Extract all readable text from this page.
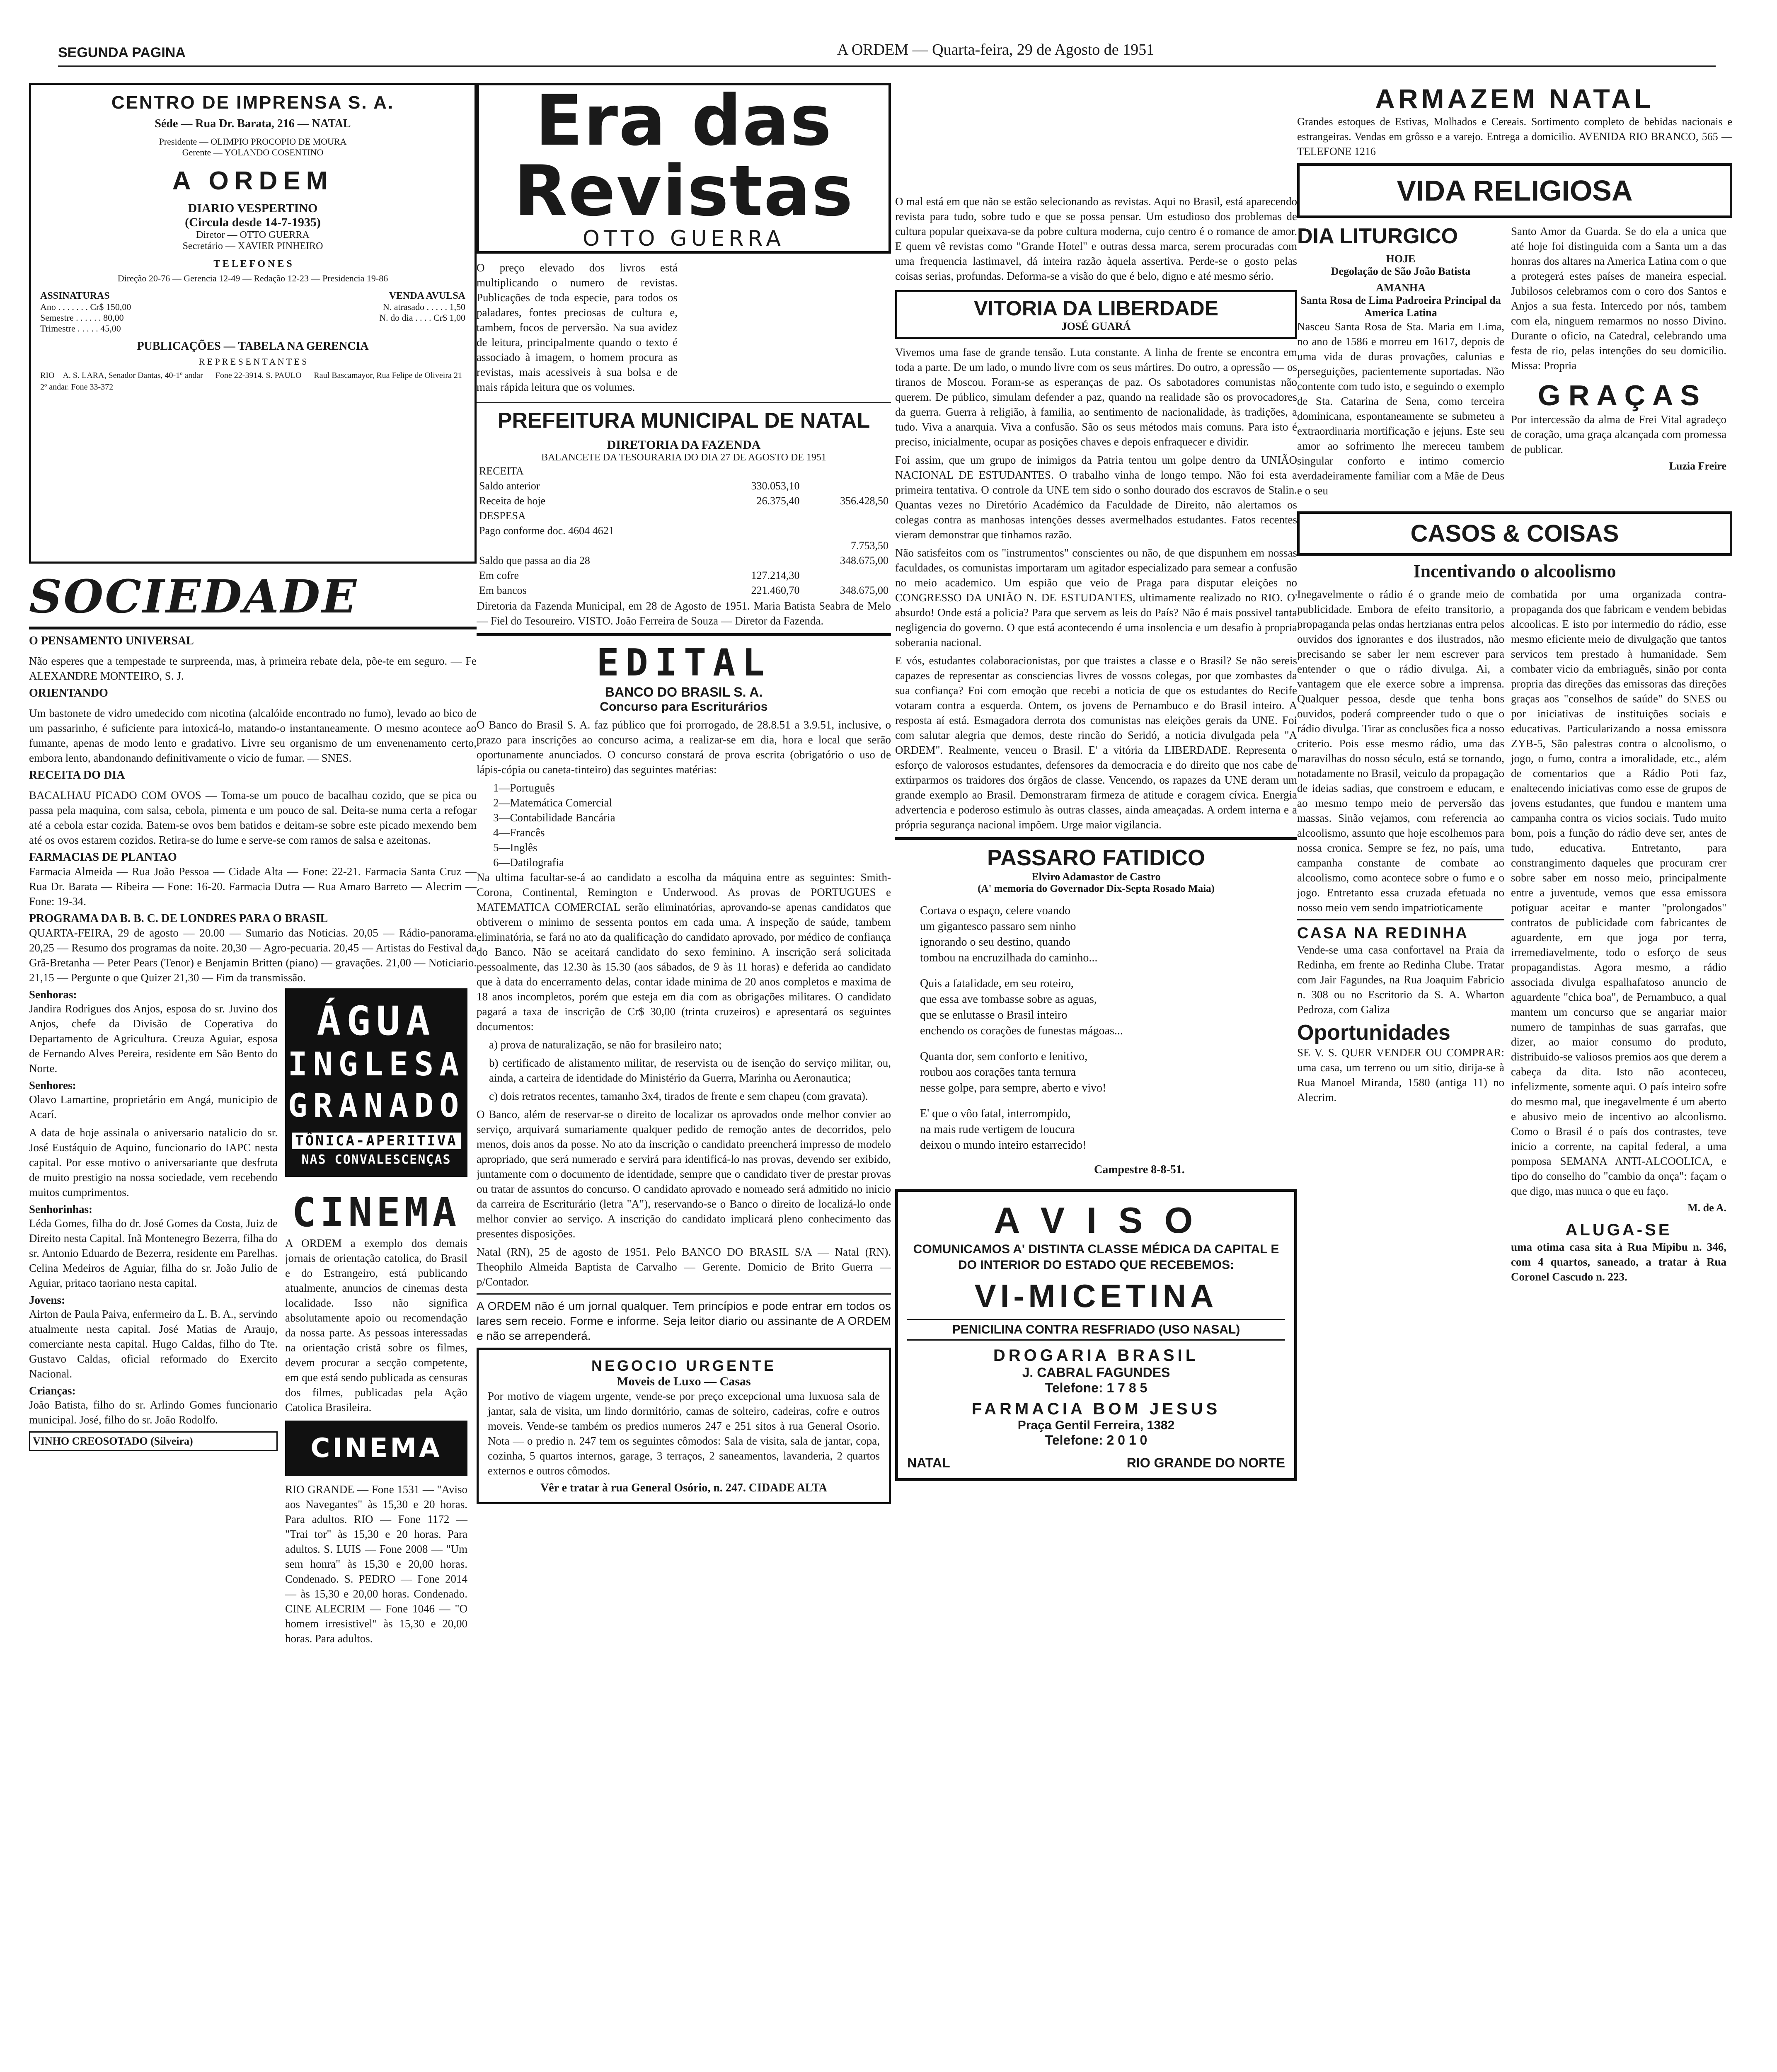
SEGUNDA PAGINA	A ORDEM — Quarta-feira, 29 de Agosto de 1951
CENTRO DE IMPRENSA S. A.
Séde — Rua Dr. Barata, 216 — NATAL
Presidente — OLIMPIO PROCOPIO DE MOURA
Gerente — YOLANDO COSENTINO
A ORDEM
DIARIO VESPERTINO
(Circula desde 14-7-1935)
Diretor — OTTO GUERRA
Secretário — XAVIER PINHEIRO
T E L E F O N E S
Direção 20-76 — Gerencia 12-49 — Redação 12-23 — Presidencia 19-86
ASSINATURAS	VENDA AVULSA
Ano . . . . . . . Cr$ 150,00	N. atrasado . . . . . 1,50
Semestre . . . . . . 80,00	N. do dia . . . . Cr$ 1,00
Trimestre . . . . . 45,00
PUBLICAÇÕES — TABELA NA GERENCIA
R E P R E S E N T A N T E S
RIO—A. S. LARA, Senador Dantas, 40-1º andar — Fone 22-3914. S. PAULO — Raul Bascamayor, Rua Felipe de Oliveira 21 2º andar. Fone 33-372
SOCIEDADE
O PENSAMENTO UNIVERSAL

Não esperes que a tempestade te surpreenda, mas, à primeira rebate dela, põe-te em seguro. — Fe ALEXANDRE MONTEIRO, S. J.

ORIENTANDO

Um bastonete de vidro umedecido com nicotina (alcalóide encontrado no fumo), levado ao bico de um passarinho, é suficiente para intoxicá-lo, matando-o instantaneamente. O mesmo acontece ao fumante, apenas de modo lento e gradativo. Livre seu organismo de um envenenamento certo, embora lento, abandonando definitivamente o vicio de fumar. — SNES.

RECEITA DO DIA

BACALHAU PICADO COM OVOS — Toma-se um pouco de bacalhau cozido, que se pica ou passa pela maquina, com salsa, cebola, pimenta e um pouco de sal. Deita-se numa certa a refogar até a cebola estar cozida. Batem-se ovos bem batidos e deitam-se sobre este picado mexendo bem até os ovos estarem cozidos. Retira-se do lume e serve-se com ramos de salsa e azeitonas.

FARMACIAS DE PLANTAO

Farmacia Almeida — Rua João Pessoa — Cidade Alta — Fone: 22-21. Farmacia Santa Cruz — Rua Dr. Barata — Ribeira — Fone: 16-20. Farmacia Dutra — Rua Amaro Barreto — Alecrim — Fone: 19-34.

PROGRAMA DA B. B. C. DE LONDRES PARA O BRASIL

QUARTA-FEIRA, 29 de agosto — 20.00 — Sumario das Noticias. 20,05 — Rádio-panorama. 20,25 — Resumo dos programas da noite. 20,30 — Agro-pecuaria. 20,45 — Artistas do Festival da Grã-Bretanha — Peter Pears (Tenor) e Benjamin Britten (piano) — gravações. 21,00 — Noticiario. 21,15 — Pergunte o que Quizer 21,30 — Fim da transmissão.

Senhoras:

Jandira Rodrigues dos Anjos, esposa do sr. Juvino dos Anjos, chefe da Divisão de Coperativa do Departamento de Agricultura. Creuza Aguiar, esposa de Fernando Alves Pereira, residente em São Bento do Norte.

Senhores:

Olavo Lamartine, proprietário em Angá, municipio de Acarí.

A data de hoje assinala o aniversario natalicio do sr. José Eustáquio de Aquino, funcionario do IAPC nesta capital. Por esse motivo o aniversariante que desfruta de muito prestigio na nossa sociedade, vem recebendo muitos cumprimentos.

Senhorinhas:

Léda Gomes, filha do dr. José Gomes da Costa, Juiz de Direito nesta Capital. Inã Montenegro Bezerra, filha do sr. Antonio Eduardo de Bezerra, residente em Parelhas. Celina Medeiros de Aguiar, filha do sr. João Julio de Aguiar, pritaco taoriano nesta capital.

Jovens:

Airton de Paula Paiva, enfermeiro da L. B. A., servindo atualmente nesta capital. José Matias de Araujo, comerciante nesta capital. Hugo Caldas, filho do Tte. Gustavo Caldas, oficial reformado do Exercito Nacional.

Crianças:

João Batista, filho do sr. Arlindo Gomes funcionario municipal. José, filho do sr. João Rodolfo.

VINHO CREOSOTADO (Silveira)
ÁGUA
INGLESA
GRANADO
TÔNICA-APERITIVA
NAS CONVALESCENÇAS
CINEMA

A ORDEM a exemplo dos demais jornais de orientação catolica, do Brasil e do Estrangeiro, está publicando atualmente, anuncios de cinemas desta localidade. Isso não significa absolutamente apoio ou recomendação da nossa parte. As pessoas interessadas na orientação cristã sobre os filmes, devem procurar a secção competente, em que está sendo publicada as censuras dos filmes, publicadas pela Ação Catolica Brasileira.

CINEMA

RIO GRANDE — Fone 1531 — "Aviso aos Navegantes" às 15,30 e 20 horas. Para adultos. RIO — Fone 1172 — "Trai tor" às 15,30 e 20 horas. Para adultos. S. LUIS — Fone 2008 — "Um sem honra" às 15,30 e 20,00 horas. Condenado. S. PEDRO — Fone 2014 — às 15,30 e 20,00 horas. Condenado. CINE ALECRIM — Fone 1046 — "O homem irresistivel" às 15,30 e 20,00 horas. Para adultos.

Era das Revistas
OTTO GUERRA

O preço elevado dos livros está multiplicando o numero de revistas. Publicações de toda especie, para todos os paladares, fontes preciosas de cultura e, tambem, focos de perversão. Na sua avidez de leitura, principalmente quando o texto é associado à imagem, o homem procura as revistas, mais acessiveis à sua bolsa e de mais rápida leitura que os volumes.

PREFEITURA MUNICIPAL DE NATAL
DIRETORIA DA FAZENDA
BALANCETE DA TESOURARIA DO DIA 27 DE AGOSTO DE 1951
RECEITA		
Saldo anterior	330.053,10	
Receita de hoje	26.375,40	356.428,50
DESPESA		
Pago conforme doc. 4604 4621		
		7.753,50
Saldo que passa ao dia 28		348.675,00
Em cofre	127.214,30	
Em bancos	221.460,70	348.675,00

Diretoria da Fazenda Municipal, em 28 de Agosto de 1951. Maria Batista Seabra de Melo — Fiel do Tesoureiro. VISTO. João Ferreira de Souza — Diretor da Fazenda.

EDITAL
BANCO DO BRASIL S. A.
Concurso para Escriturários

O Banco do Brasil S. A. faz público que foi prorrogado, de 28.8.51 a 3.9.51, inclusive, o prazo para inscrições ao concurso acima, a realizar-se em dia, hora e local que serão oportunamente anunciados. O concurso constará de prova escrita (obrigatório o uso de lápis-cópia ou caneta-tinteiro) das seguintes matérias:

1—Português
2—Matemática Comercial
3—Contabilidade Bancária
4—Francês
5—Inglês
6—Datilografia

Na ultima facultar-se-á ao candidato a escolha da máquina entre as seguintes: Smith-Corona, Continental, Remington e Underwood. As provas de PORTUGUES e MATEMATICA COMERCIAL serão eliminatórias, aprovando-se apenas candidatos que obtiverem o minimo de sessenta pontos em cada uma. A inspeção de saúde, tambem eliminatória, se fará no ato da qualificação do candidato aprovado, por médico de confiança do Banco. Não se aceitará candidato do sexo feminino. A inscrição será solicitada pessoalmente, das 12.30 às 15.30 (aos sábados, de 9 às 11 horas) e deferida ao candidato que à data do encerramento delas, contar idade minima de 20 anos completos e maxima de 18 anos incompletos, porém que esteja em dia com as obrigações militares. O candidato pagará a taxa de inscrição de Cr$ 30,00 (trinta cruzeiros) e apresentará os seguintes documentos:

a) prova de naturalização, se não for brasileiro nato;

b) certificado de alistamento militar, de reservista ou de isenção do serviço militar, ou, ainda, a carteira de identidade do Ministério da Guerra, Marinha ou Aeronautica;

c) dois retratos recentes, tamanho 3x4, tirados de frente e sem chapeu (com gravata).

O Banco, além de reservar-se o direito de localizar os aprovados onde melhor convier ao serviço, arquivará sumariamente qualquer pedido de remoção antes de decorridos, pelo menos, dois anos da posse. No ato da inscrição o candidato preencherá impresso de modelo apropriado, que será numerado e servirá para identificá-lo nas provas, devendo ser exibido, juntamente com o documento de identidade, sempre que o candidato tiver de prestar provas ou tratar de assuntos do concurso. O candidato aprovado e nomeado será admitido no inicio da carreira de Escriturário (letra "A"), reservando-se o Banco o direito de localizá-lo onde melhor convier ao serviço. A inscrição do candidato implicará pleno conhecimento das presentes disposições.

Natal (RN), 25 de agosto de 1951. Pelo BANCO DO BRASIL S/A — Natal (RN). Theophilo Almeida Baptista de Carvalho — Gerente. Domicio de Brito Guerra — p/Contador.

A ORDEM não é um jornal qualquer. Tem princípios e pode entrar em todos os lares sem receio. Forme e informe. Seja leitor diario ou assinante de A ORDEM e não se arrependerá.

NEGOCIO URGENTE
Moveis de Luxo — Casas

Por motivo de viagem urgente, vende-se por preço excepcional uma luxuosa sala de jantar, sala de visita, um lindo dormitório, camas de solteiro, cadeiras, cofre e outros moveis. Vende-se também os predios numeros 247 e 251 sitos à rua General Osorio. Nota — o predio n. 247 tem os seguintes cômodos: Sala de visita, sala de jantar, copa, cozinha, 5 quartos internos, garage, 3 terraços, 2 saneamentos, lavanderia, 2 quartos externos e outros cômodos.

Vêr e tratar à rua General Osório, n. 247. CIDADE ALTA

O mal está em que não se estão selecionando as revistas. Aqui no Brasil, está aparecendo revista para tudo, sobre tudo e que se possa pensar. Um estudioso dos problemas de cultura popular queixava-se da pobre cultura moderna, cujo centro é o romance de amor. E quem vê revistas como "Grande Hotel" e outras dessa marca, serem procuradas com uma frequencia lastimavel, dá inteira razão àquela assertiva. Perde-se o gosto pelas coisas serias, profundas. Deforma-se a visão do que é belo, digno e até mesmo sério.

VITORIA DA LIBERDADE
JOSÉ GUARÁ

Vivemos uma fase de grande tensão. Luta constante. A linha de frente se encontra em toda a parte. De um lado, o mundo livre com os seus mártires. Do outro, a opressão — os tiranos de Moscou. Foram-se as esperanças de paz. Os sabotadores comunistas não querem. De público, simulam defender a paz, quando na realidade são os provocadores da guerra. Guerra à religião, à familia, ao sentimento de nacionalidade, às tradições, a tudo. Viva a anarquia. Viva a confusão. São os seus métodos mais comuns. Para isto é preciso, inicialmente, ocupar as posições chaves e depois enfraquecer e dividir.

Foi assim, que um grupo de inimigos da Patria tentou um golpe dentro da UNIÃO NACIONAL DE ESTUDANTES. O trabalho vinha de longo tempo. Não foi esta a primeira tentativa. O controle da UNE tem sido o sonho dourado dos escravos de Stalin. Quantas vezes no Diretório Académico da Faculdade de Direito, não alertamos os colegas contra as manhosas intenções desses avermelhados estudantes. Fatos recentes vieram demonstrar que tinhamos razão.

Não satisfeitos com os "instrumentos" conscientes ou não, de que dispunhem em nossas faculdades, os comunistas importaram um agitador especializado para semear a confusão no meio academico. Um espião que veio de Praga para disputar eleições no CONGRESSO DA UNIÃO N. DE ESTUDANTES, ultimamente realizado no RIO. O' absurdo! Onde está a policia? Para que servem as leis do País? Não é mais possivel tanta negligencia do governo. O que está acontecendo é uma insolencia e um desafio à propria soberania nacional.

E vós, estudantes colaboracionistas, por que traistes a classe e o Brasil? Se não sereis capazes de representar as consciencias livres de vossos colegas, por que zombastes da sua confiança? Foi com emoção que recebi a noticia de que os estudantes do Recife votaram contra a esquerda. Ontem, os jovens de Pernambuco e do Brasil inteiro. A resposta aí está. Esmagadora derrota dos comunistas nas eleições gerais da UNE. Foi com salutar alegria que demos, deste rincão do Seridó, a noticia divulgada pela "A ORDEM". Realmente, venceu o Brasil. E' a vitória da LIBERDADE. Representa o esforço de valorosos estudantes, defensores da democracia e do direito que nos cabe de extirparmos os traidores dos órgãos de classe. Vencendo, os rapazes da UNE deram um grande exemplo ao Brasil. Demonstraram firmeza de atitude e coragem cívica. Energia advertencia e poderoso estimulo às outras classes, ainda ameaçadas. A ordem interna e a própria segurança nacional impõem. Urge maior vigilancia.

PASSARO FATIDICO
Elviro Adamastor de Castro
(A' memoria do Governador Dix-Septa Rosado Maia)
Cortava o espaço, celere voando
um gigantesco passaro sem ninho
ignorando o seu destino, quando
tombou na encruzilhada do caminho...
Quis a fatalidade, em seu roteiro,
que essa ave tombasse sobre as aguas,
que se enlutasse o Brasil inteiro
enchendo os corações de funestas mágoas...
Quanta dor, sem conforto e lenitivo,
roubou aos corações tanta ternura
nesse golpe, para sempre, aberto e vivo!
E' que o vôo fatal, interrompido,
na mais rude vertigem de loucura
deixou o mundo inteiro estarrecido!
Campestre 8-8-51.
A V I S O
COMUNICAMOS A' DISTINTA CLASSE MÉDICA DA CAPITAL E DO INTERIOR DO ESTADO QUE RECEBEMOS:
VI-MICETINA
PENICILINA CONTRA RESFRIADO (USO NASAL)
DROGARIA BRASIL
J. CABRAL FAGUNDES
Telefone: 1 7 8 5
FARMACIA BOM JESUS
Praça Gentil Ferreira, 1382
Telefone: 2 0 1 0
NATAL	RIO GRANDE DO NORTE
ARMAZEM NATAL

Grandes estoques de Estivas, Molhados e Cereais. Sortimento completo de bebidas nacionais e estrangeiras. Vendas em grôsso e a varejo. Entrega a domicilio. AVENIDA RIO BRANCO, 565 — TELEFONE 1216

VIDA RELIGIOSA
DIA LITURGICO
HOJE
Degolação de São João Batista
AMANHA
Santa Rosa de Lima Padroeira Principal da America Latina

Nasceu Santa Rosa de Sta. Maria em Lima, no ano de 1586 e morreu em 1617, depois de uma vida de duras provações, calunias e perseguições, pacientemente suportadas. Não contente com tudo isto, e seguindo o exemplo de Sta. Catarina de Sena, como terceira dominicana, espontaneamente se submeteu a extraordinaria mortificação e jejuns. Este seu amor ao sofrimento lhe mereceu tambem singular conforto e intimo comercio verdadeiramente familiar com a Mãe de Deus e o seu

Santo Amor da Guarda. Se do ela a unica que até hoje foi distinguida com a Santa um a das honras dos altares na America Latina com o que a protegerá estes países de maneira especial. Jubilosos celebramos com o coro dos Santos e Anjos a sua festa. Intercedo por nós, tambem com ela, ninguem remarmos no nosso Divino. Durante o oficio, na Catedral, celebrando uma festa de rio, pelas intenções do seu domicilio. Missa: Propria

G R A Ç A S

Por intercessão da alma de Frei Vital agradeço de coração, uma graça alcançada com promessa de publicar.

Luzia Freire
CASOS & COISAS
Incentivando o alcoolismo

Inegavelmente o rádio é o grande meio de publicidade. Embora de efeito transitorio, a propaganda pelas ondas hertzianas entra pelos ouvidos dos ignorantes e dos ilustrados, não precisando se saber ler nem escrever para entender o que o rádio divulga. Ai, a vantagem que ele exerce sobre a imprensa. Qualquer pessoa, desde que tenha bons ouvidos, poderá compreender tudo o que o rádio divulga. Tirar as conclusões fica a nosso criterio. Pois esse mesmo rádio, uma das maravilhas do nosso século, está se tornando, notadamente no Brasil, veiculo da propagação de ideias sadias, que constroem e educam, e ao mesmo tempo meio de perversão das massas. Sinão vejamos, com referencia ao alcoolismo, assunto que hoje escolhemos para nossa cronica. Sempre se fez, no país, uma campanha constante de combate ao alcoolismo, como acontece sobre o fumo e o jogo. Entretanto essa cruzada efetuada no nosso meio vem sendo impatrioticamente

CASA NA REDINHA

Vende-se uma casa confortavel na Praia da Redinha, em frente ao Redinha Clube. Tratar com Jair Fagundes, na Rua Joaquim Fabricio n. 308 ou no Escritorio da S. A. Wharton Pedroza, com Galiza

Oportunidades

SE V. S. QUER VENDER OU COMPRAR: uma casa, um terreno ou um sitio, dirija-se à Rua Manoel Miranda, 1580 (antiga 11) no Alecrim.

combatida por uma organizada contra-propaganda dos que fabricam e vendem bebidas alcoolicas. E isto por intermedio do rádio, esse mesmo eficiente meio de divulgação que tantos servicos tem prestado à humanidade. Sem combater vicio da embriaguês, sinão por conta propria das direções das emissoras das direções graças aos "conselhos de saúde" do SNES ou por iniciativas de instituições sociais e educativas. Particularizando a nossa emissora ZYB-5, São palestras contra o alcoolismo, o jogo, o fumo, contra a imoralidade, etc., além de comentarios que a Rádio Poti faz, enaltecendo iniciativas como esse de grupos de jovens estudantes, que fundou e mantem uma campanha contra os vicios sociais. Tudo muito bom, pois a função do rádio deve ser, antes de tudo, educativa. Entretanto, para constrangimento daqueles que procuram crer sobre saber em nosso meio, principalmente entre a juventude, vemos que essa emissora potiguar aceitar e manter "prolongados" contratos de publicidade com fabricantes de aguardente, em que joga por terra, irremediavelmente, todo o esforço de seus propagandistas. Agora mesmo, a rádio associada divulga espalhafatoso anuncio de aguardente "chica boa", de Pernambuco, a qual mantem um concurso que se angariar maior numero de tampinhas de suas garrafas, que dizer, ao maior consumo do produto, distribuido-se valiosos premios aos que derem a cabeça da dita. Isto não aconteceu, infelizmente, somente aqui. O país inteiro sofre do mesmo mal, que inegavelmente é um aberto e abusivo meio de incentivo ao alcoolismo. Como o Brasil é o país dos contrastes, teve inicio a corrente, na capital federal, a uma pomposa SEMANA ANTI-ALCOOLICA, e tipo do conselho do "cambio da onça": façam o que digo, mas nunca o que eu faço.

M. de A.
ALUGA-SE

uma otima casa sita à Rua Mipibu n. 346, com 4 quartos, saneado, a tratar à Rua Coronel Cascudo n. 223.
